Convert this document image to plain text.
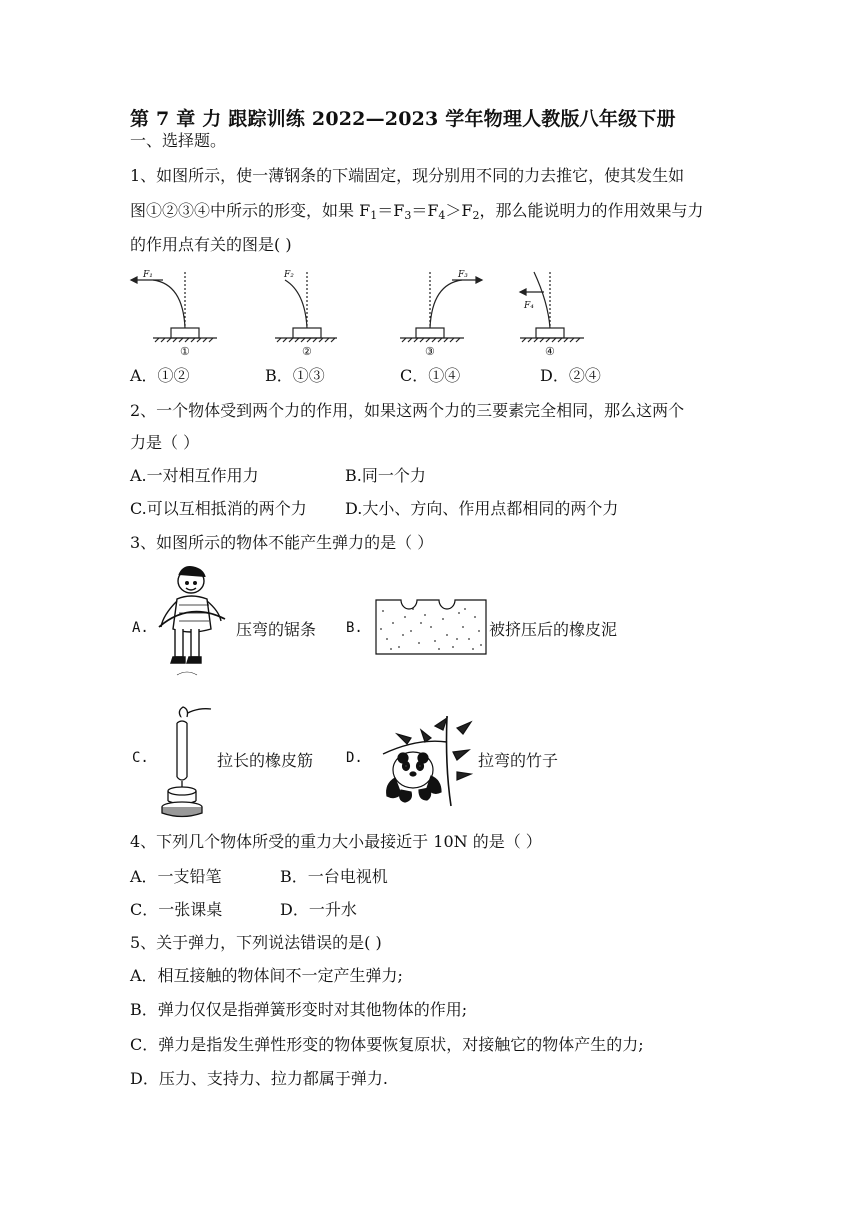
第 7 章 力 跟踪训练 2022—2023 学年物理人教版八年级下册
一、选择题。
1、如图所示，使一薄钢条的下端固定，现分别用不同的力去推它，使其发生如
图①②③④中所示的形变，如果 $F_1=F_3=F_4>F_2$，那么能说明力的作用效果与力
的作用点有关的图是( )
F₁	F₂	F₃
F₄
①	②	③	④
A．①②	B．①③	C．①④	D．②④
2、一个物体受到两个力的作用，如果这两个力的三要素完全相同，那么这两个
力是（ ）
A.一对相互作用力	B.同一个力
C.可以互相抵消的两个力 D.大小、方向、作用点都相同的两个力
3、如图所示的物体不能产生弹力的是（ ）
A.	压弯的锯条 B.	被挤压后的橡皮泥
C.	拉长的橡皮筋 D.	拉弯的竹子
4、下列几个物体所受的重力大小最接近于 10N 的是（ ）
A．一支铅笔	B．一台电视机
C．一张课桌	D．一升水
5、关于弹力，下列说法错误的是( )
A．相互接触的物体间不一定产生弹力;
B．弹力仅仅是指弹簧形变时对其他物体的作用;
C．弹力是指发生弹性形变的物体要恢复原状，对接触它的物体产生的力;
D．压力、支持力、拉力都属于弹力.
